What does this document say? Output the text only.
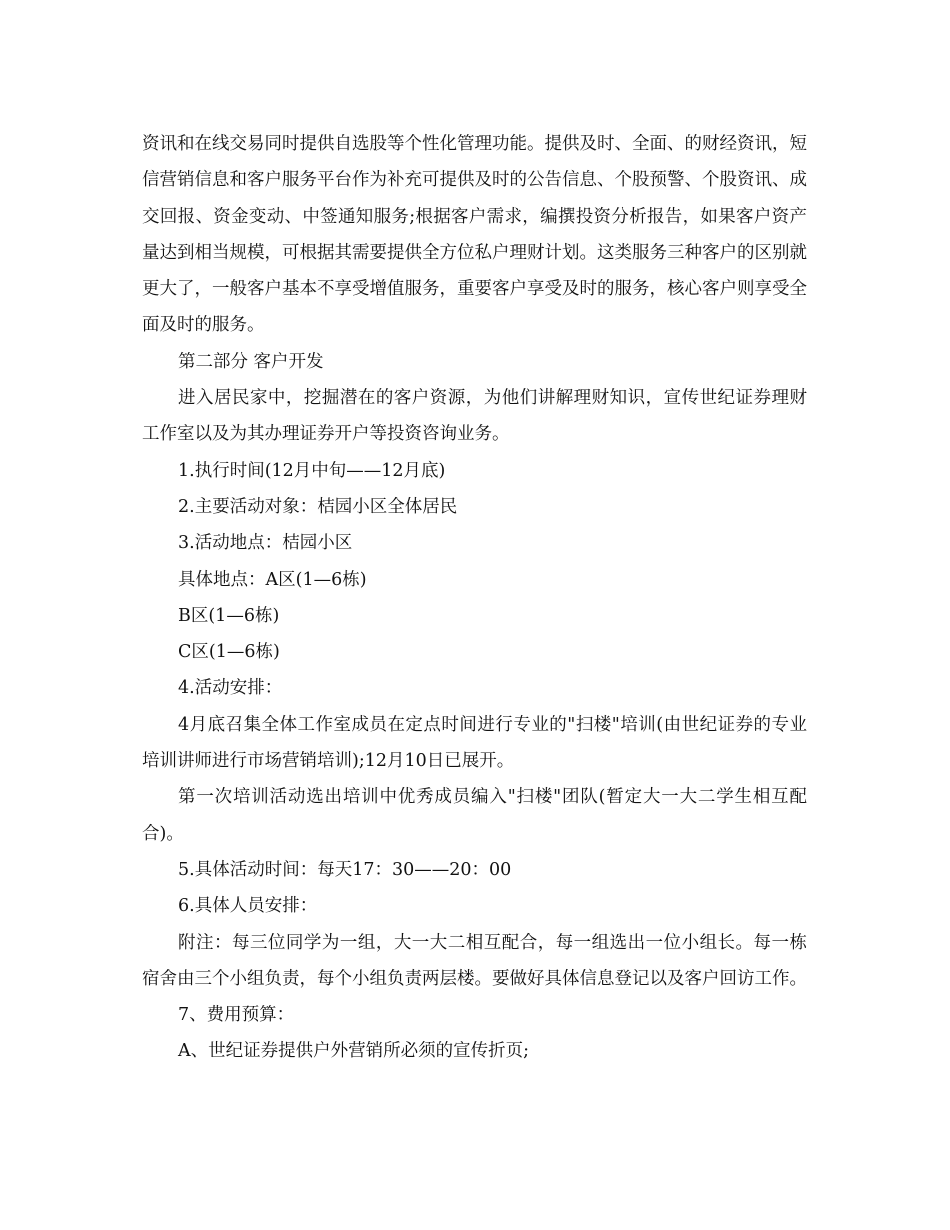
资讯和在线交易同时提供自选股等个性化管理功能。提供及时、全面、的财经资讯，短信营销信息和客户服务平台作为补充可提供及时的公告信息、个股预警、个股资讯、成交回报、资金变动、中签通知服务;根据客户需求，编撰投资分析报告，如果客户资产量达到相当规模，可根据其需要提供全方位私户理财计划。这类服务三种客户的区别就更大了，一般客户基本不享受增值服务，重要客户享受及时的服务，核心客户则享受全面及时的服务。

第二部分 客户开发

进入居民家中，挖掘潜在的客户资源，为他们讲解理财知识，宣传世纪证券理财工作室以及为其办理证券开户等投资咨询业务。

1.执行时间(12月中旬——12月底)

2.主要活动对象：桔园小区全体居民

3.活动地点：桔园小区

具体地点：A区(1—6栋)

B区(1—6栋)

C区(1—6栋)

4.活动安排：

4月底召集全体工作室成员在定点时间进行专业的"扫楼"培训(由世纪证券的专业培训讲师进行市场营销培训);12月10日已展开。

第一次培训活动选出培训中优秀成员编入"扫楼"团队(暂定大一大二学生相互配合)。

5.具体活动时间：每天17：30——20：00

6.具体人员安排：

附注：每三位同学为一组，大一大二相互配合，每一组选出一位小组长。每一栋宿舍由三个小组负责，每个小组负责两层楼。要做好具体信息登记以及客户回访工作。

7、费用预算：

A、世纪证券提供户外营销所必须的宣传折页;
